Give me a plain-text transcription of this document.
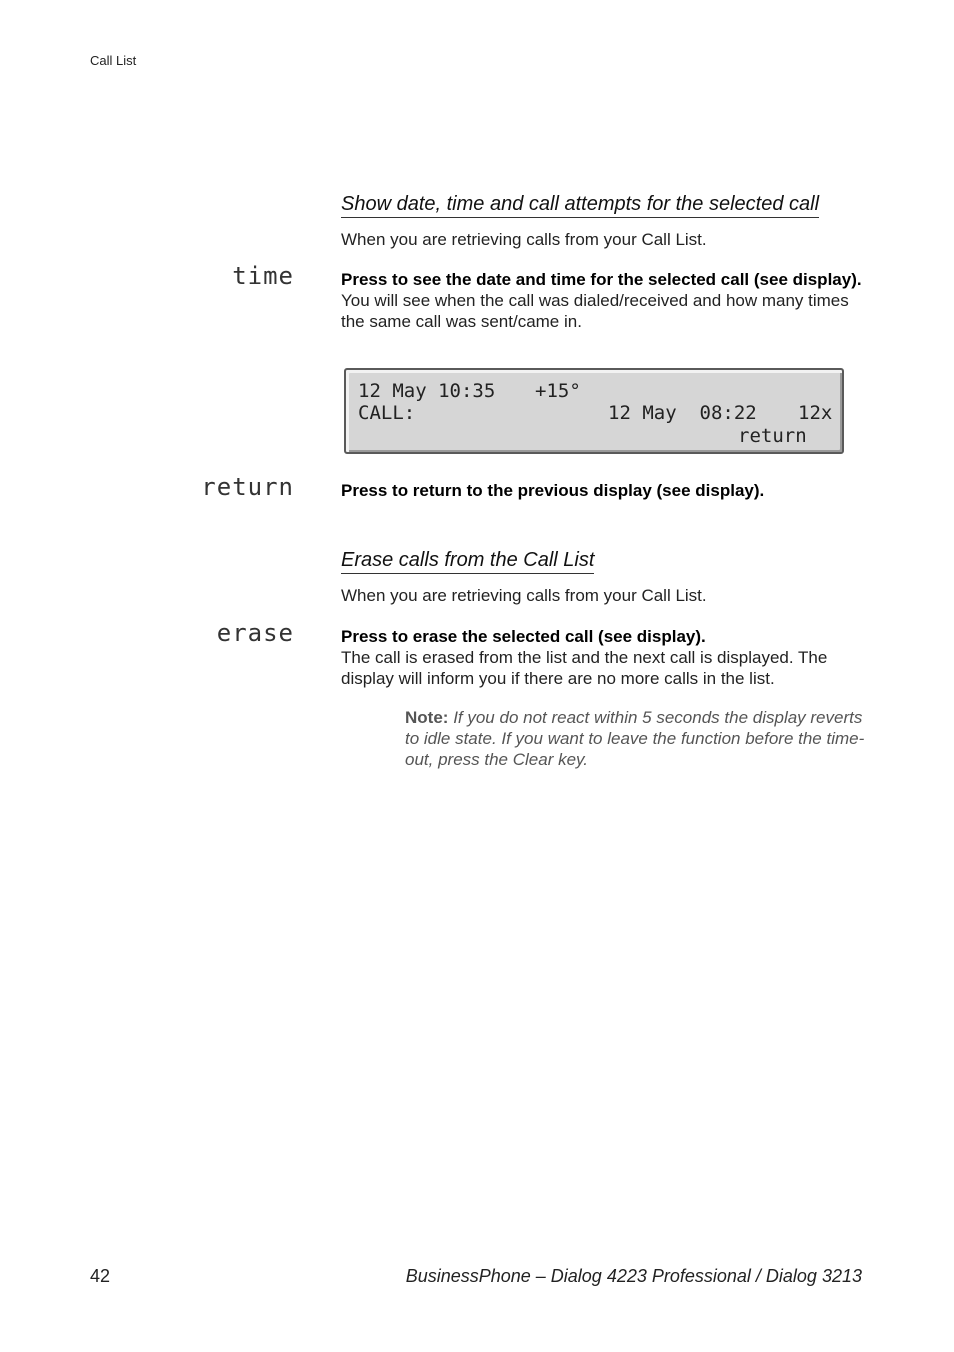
Call List
Show date, time and call attempts for the selected call
When you are retrieving calls from your Call List.
time	Press to see the date and time for the selected call (see display).
You will see when the call was dialed/received and how many times the same call was sent/came in.
12 May 10:35 +15°
CALL:	12 May  08:22 12x
return
return	Press to return to the previous display (see display).
Erase calls from the Call List
When you are retrieving calls from your Call List.
erase	Press to erase the selected call (see display).
The call is erased from the list and the next call is displayed. The display will inform you if there are no more calls in the list.
Note: If you do not react within 5 seconds the display reverts to idle state. If you want to leave the function before the time-out, press the Clear key.
42	BusinessPhone – Dialog 4223 Professional / Dialog 3213
